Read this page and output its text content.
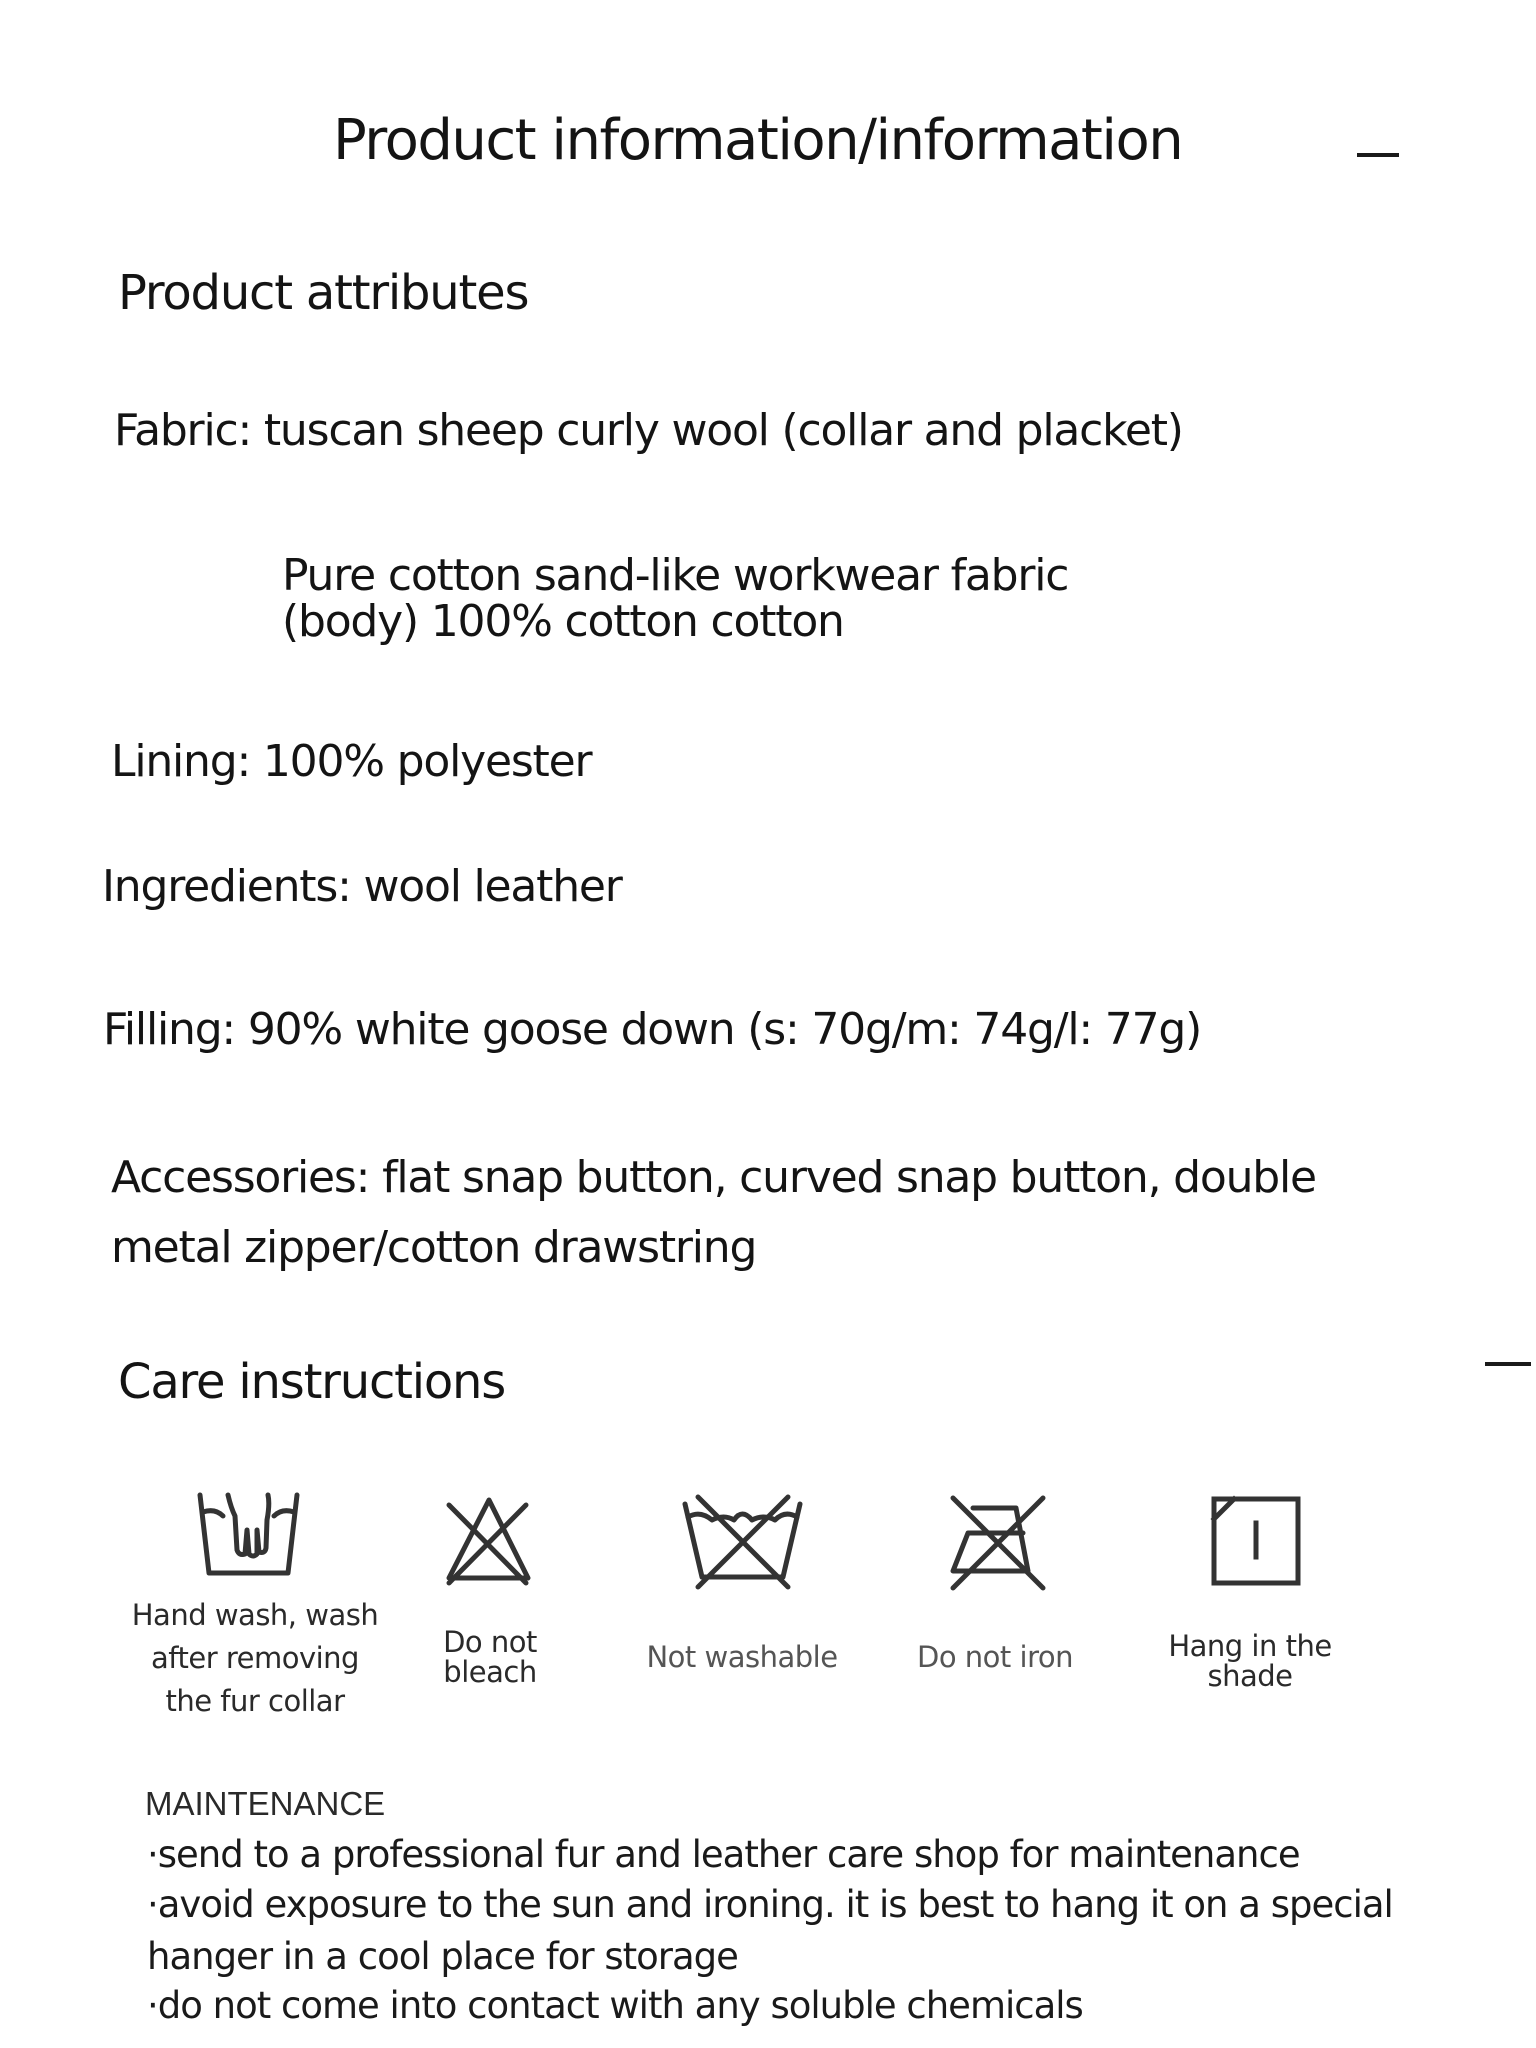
Product information/information
Product attributes
Fabric: tuscan sheep curly wool (collar and placket)
Pure cotton sand-like workwear fabric
(body) 100% cotton cotton
Lining: 100% polyester
Ingredients: wool leather
Filling: 90% white goose down (s: 70g/m: 74g/l: 77g)
Accessories: flat snap button, curved snap button, double
metal zipper/cotton drawstring
Care instructions
Hand wash, wash
after removing
the fur collar
Do not
bleach	Not washable	Do not iron	Hang in the
shade
MAINTENANCE
·send to a professional fur and leather care shop for maintenance
·avoid exposure to the sun and ironing. it is best to hang it on a special
hanger in a cool place for storage
·do not come into contact with any soluble chemicals
